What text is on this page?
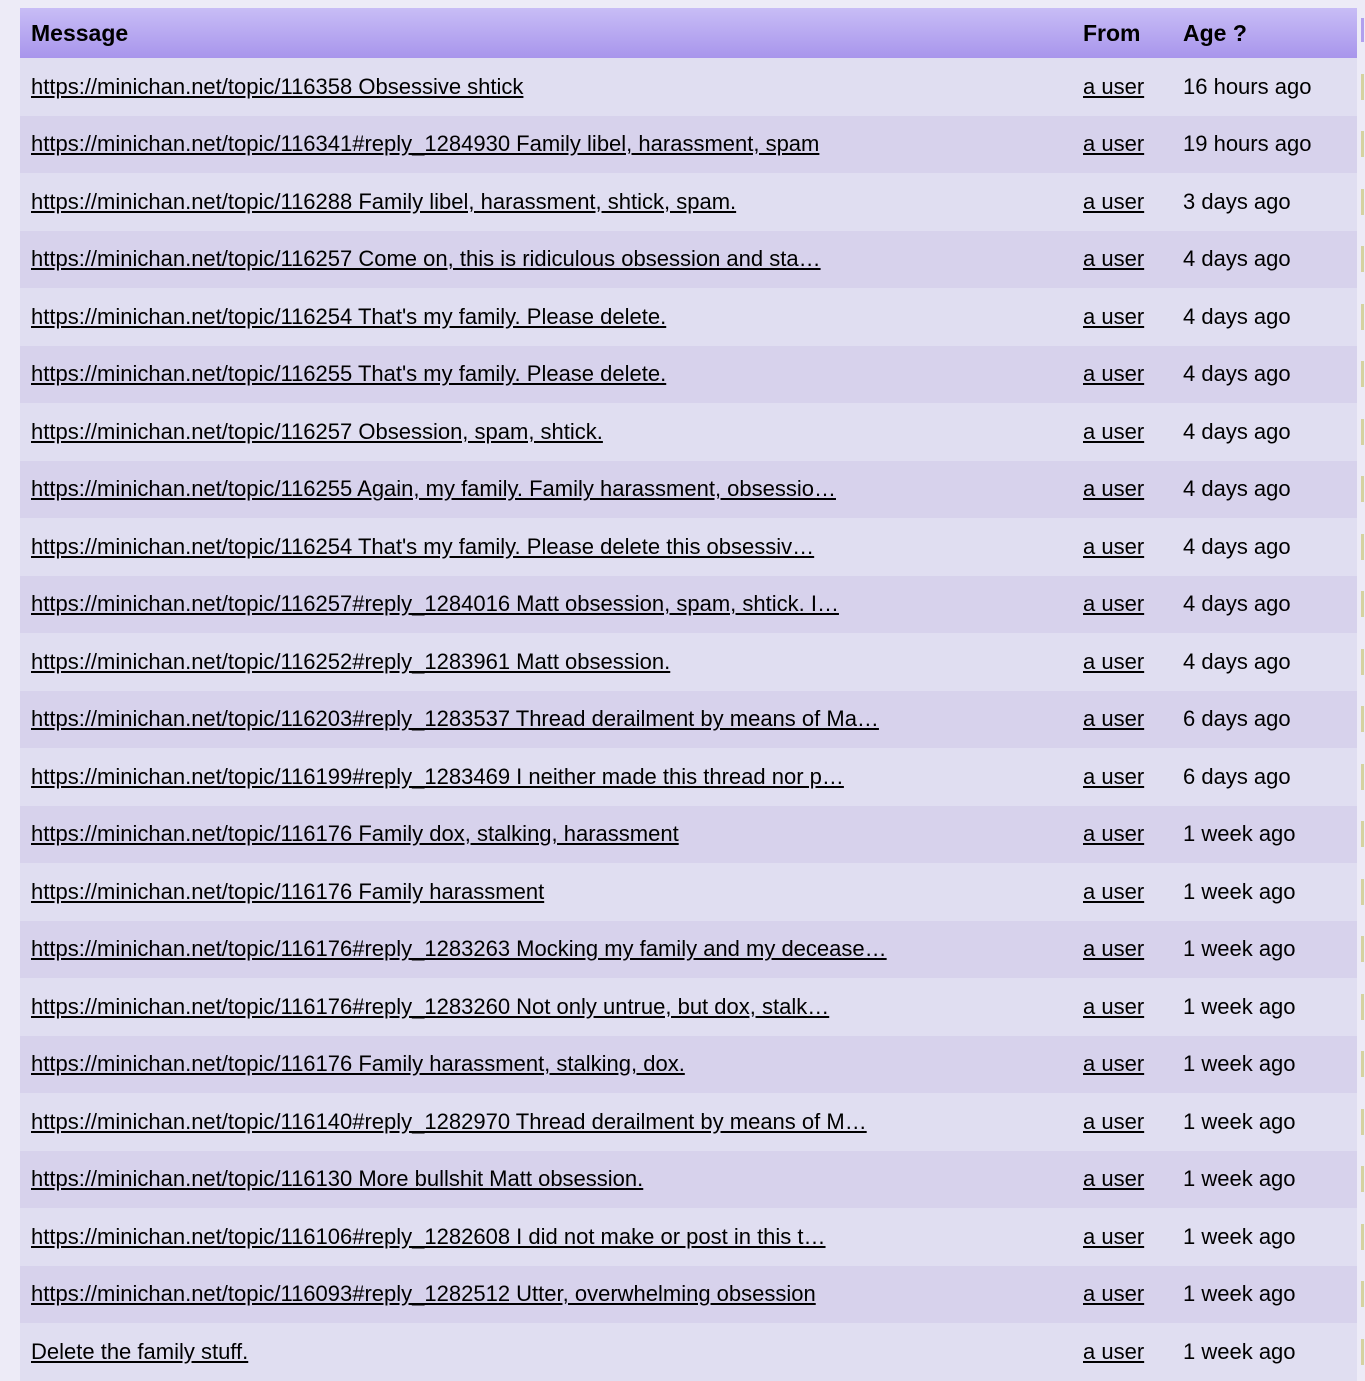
Message	From	Age ?
https://minichan.net/topic/116358 Obsessive shtick	a user	16 hours ago
https://minichan.net/topic/116341#reply_1284930 Family libel, harassment, spam	a user	19 hours ago
https://minichan.net/topic/116288 Family libel, harassment, shtick, spam.	a user	3 days ago
https://minichan.net/topic/116257 Come on, this is ridiculous obsession and sta…	a user	4 days ago
https://minichan.net/topic/116254 That's my family. Please delete.	a user	4 days ago
https://minichan.net/topic/116255 That's my family. Please delete.	a user	4 days ago
https://minichan.net/topic/116257 Obsession, spam, shtick.	a user	4 days ago
https://minichan.net/topic/116255 Again, my family. Family harassment, obsessio…	a user	4 days ago
https://minichan.net/topic/116254 That's my family. Please delete this obsessiv…	a user	4 days ago
https://minichan.net/topic/116257#reply_1284016 Matt obsession, spam, shtick. I…	a user	4 days ago
https://minichan.net/topic/116252#reply_1283961 Matt obsession.	a user	4 days ago
https://minichan.net/topic/116203#reply_1283537 Thread derailment by means of Ma…	a user	6 days ago
https://minichan.net/topic/116199#reply_1283469 I neither made this thread nor p…	a user	6 days ago
https://minichan.net/topic/116176 Family dox, stalking, harassment	a user	1 week ago
https://minichan.net/topic/116176 Family harassment	a user	1 week ago
https://minichan.net/topic/116176#reply_1283263 Mocking my family and my decease…	a user	1 week ago
https://minichan.net/topic/116176#reply_1283260 Not only untrue, but dox, stalk…	a user	1 week ago
https://minichan.net/topic/116176 Family harassment, stalking, dox.	a user	1 week ago
https://minichan.net/topic/116140#reply_1282970 Thread derailment by means of M…	a user	1 week ago
https://minichan.net/topic/116130 More bullshit Matt obsession.	a user	1 week ago
https://minichan.net/topic/116106#reply_1282608 I did not make or post in this t…	a user	1 week ago
https://minichan.net/topic/116093#reply_1282512 Utter, overwhelming obsession	a user	1 week ago
Delete the family stuff.	a user	1 week ago
